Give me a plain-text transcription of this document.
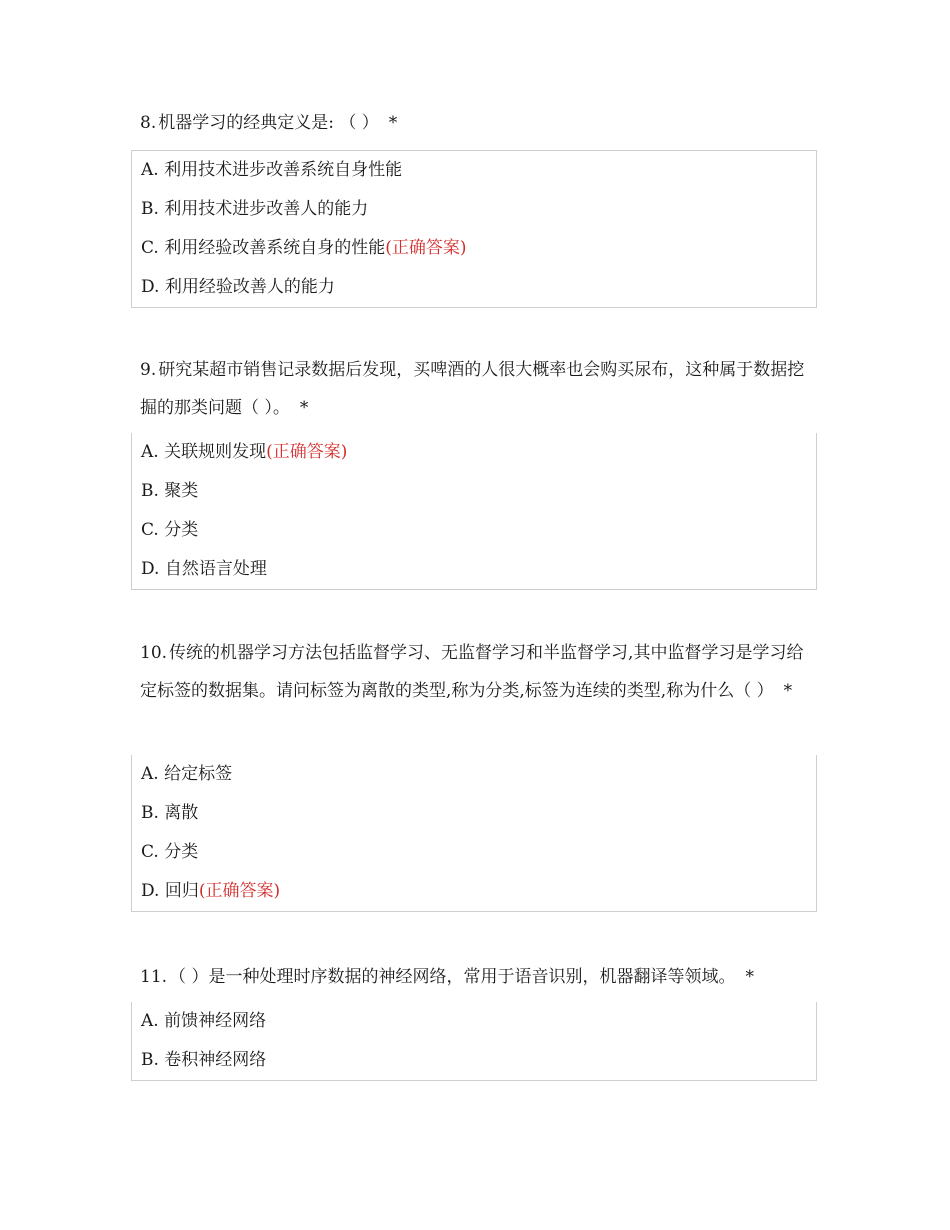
8. 机器学习的经典定义是: （ ） *

A. 利用技术进步改善系统自身性能
B. 利用技术进步改善人的能力
C. 利用经验改善系统自身的性能(正确答案)
D. 利用经验改善人的能力

9. 研究某超市销售记录数据后发现，买啤酒的人很大概率也会购买尿布，这种属于数据挖掘的那类问题（ ）。 *

A. 关联规则发现(正确答案)
B. 聚类
C. 分类
D. 自然语言处理

10. 传统的机器学习方法包括监督学习、无监督学习和半监督学习,其中监督学习是学习给定标签的数据集。请问标签为离散的类型,称为分类,标签为连续的类型,称为什么（ ） *

A. 给定标签
B. 离散
C. 分类
D. 回归(正确答案)

11. （ ）是一种处理时序数据的神经网络，常用于语音识别，机器翻译等领域。 *

A. 前馈神经网络
B. 卷积神经网络
